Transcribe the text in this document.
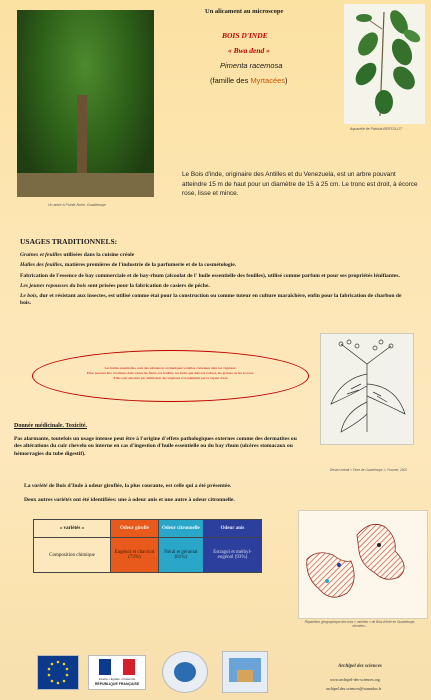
Un arbre à Pointe-Noire, Guadeloupe
Un alicament au microscope
BOIS D'INDE
« Bwa dend »
Pimenta racemosa
(famille des Myrtacées)
Aquarelle de Patricia BERTOLOT
Le Bois d'inde, originaire des Antilles et du Venezuela, est un arbre pouvant atteindre 15 m de haut pour un diamètre de 15 à 25 cm. Le tronc est droit, à écorce rose, lisse et mince.
USAGES TRADITIONNELS:
Graines et feuilles utilisées dans la cuisine créole
Halles des feuilles, matières premières de l'industrie de la parfumerie et de la cosmétologie.
Fabrication de l'essence de bay commerciale et de bay-rhum (alcoolat de l' huile essentielle des feuilles), utilisé comme parfum et pour ses propriétés lénifiantes.
Les jeunes repousses du bois sont prisées pour la fabrication de casiers de pêche.
Le bois, dur et résistant aux insectes, est utilisé comme étai pour la construction ou comme tuteur en culture maraîchère, enfin pour la fabrication de charbon de bois.
Les huiles essentielles, sont des substances aromatiques volatiles contenues dans les végétaux.
Elles peuvent être localisées dans toutes les fleurs, les feuilles, les fruits que dans les racines, les graines ou les écorces.
Elles sont extraites par distillation des végétaux et notamment par la vapeur d'eau
Dessin extrait « Flore de Guadeloupe », Fournet, 2002
Donnée médicinale. Toxicité.
Pas alarmante, toutefois un usage intense peut être à l'origine d'effets pathologiques externes comme des dermatites ou des altérations du cuir chevelu ou interne en cas d'ingestion d'huile essentielle ou du bay rhum (ulcères stomacaux ou hémorragies du tube digestif).
La variété de Bois d'Inde à odeur giroflée, la plus courante, est celle qui a été présentée.
Deux autres variétés ont été identifiées: une à odeur anis et une autre à odeur citronnelle.
« variétés »	Odeur girofle	Odeur citronnelle	Odeur anis
Composition chimique	Eugénol et chavicol (73%)	Néral et géranial (81%)	Estragol et méthyl-eugénol (93%)
Répartition géographique des trois « variétés » de Bois d'Inde en Guadeloupe, données...
Liberté • Égalité • Fraternité
RÉPUBLIQUE FRANÇAISE
Archipel des sciences
www.archipel-des-sciences.org
archipel.des.sciences@wanadoo.fr
